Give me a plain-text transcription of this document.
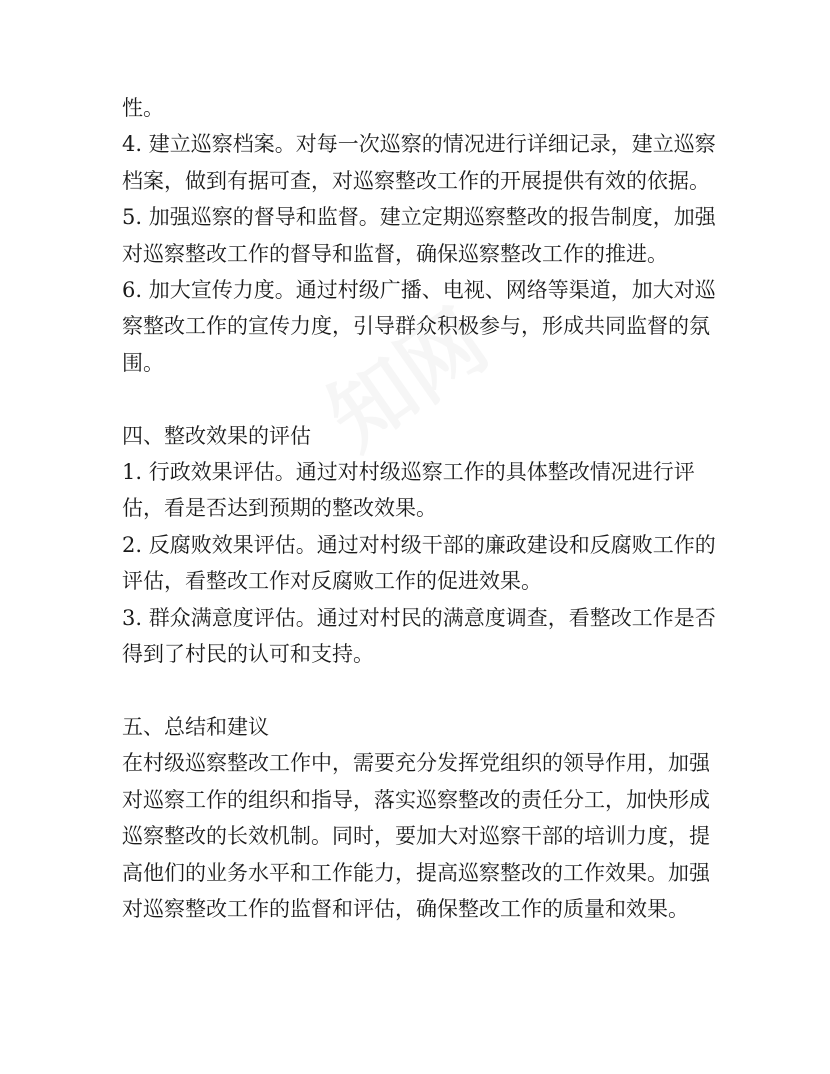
性。

4. 建立巡察档案。对每一次巡察的情况进行详细记录，建立巡察档案，做到有据可查，对巡察整改工作的开展提供有效的依据。

5. 加强巡察的督导和监督。建立定期巡察整改的报告制度，加强对巡察整改工作的督导和监督，确保巡察整改工作的推进。

6. 加大宣传力度。通过村级广播、电视、网络等渠道，加大对巡察整改工作的宣传力度，引导群众积极参与，形成共同监督的氛围。

四、整改效果的评估

1. 行政效果评估。通过对村级巡察工作的具体整改情况进行评估，看是否达到预期的整改效果。

2. 反腐败效果评估。通过对村级干部的廉政建设和反腐败工作的评估，看整改工作对反腐败工作的促进效果。

3. 群众满意度评估。通过对村民的满意度调查，看整改工作是否得到了村民的认可和支持。

五、总结和建议

在村级巡察整改工作中，需要充分发挥党组织的领导作用，加强对巡察工作的组织和指导，落实巡察整改的责任分工，加快形成巡察整改的长效机制。同时，要加大对巡察干部的培训力度，提高他们的业务水平和工作能力，提高巡察整改的工作效果。加强对巡察整改工作的监督和评估，确保整改工作的质量和效果。
